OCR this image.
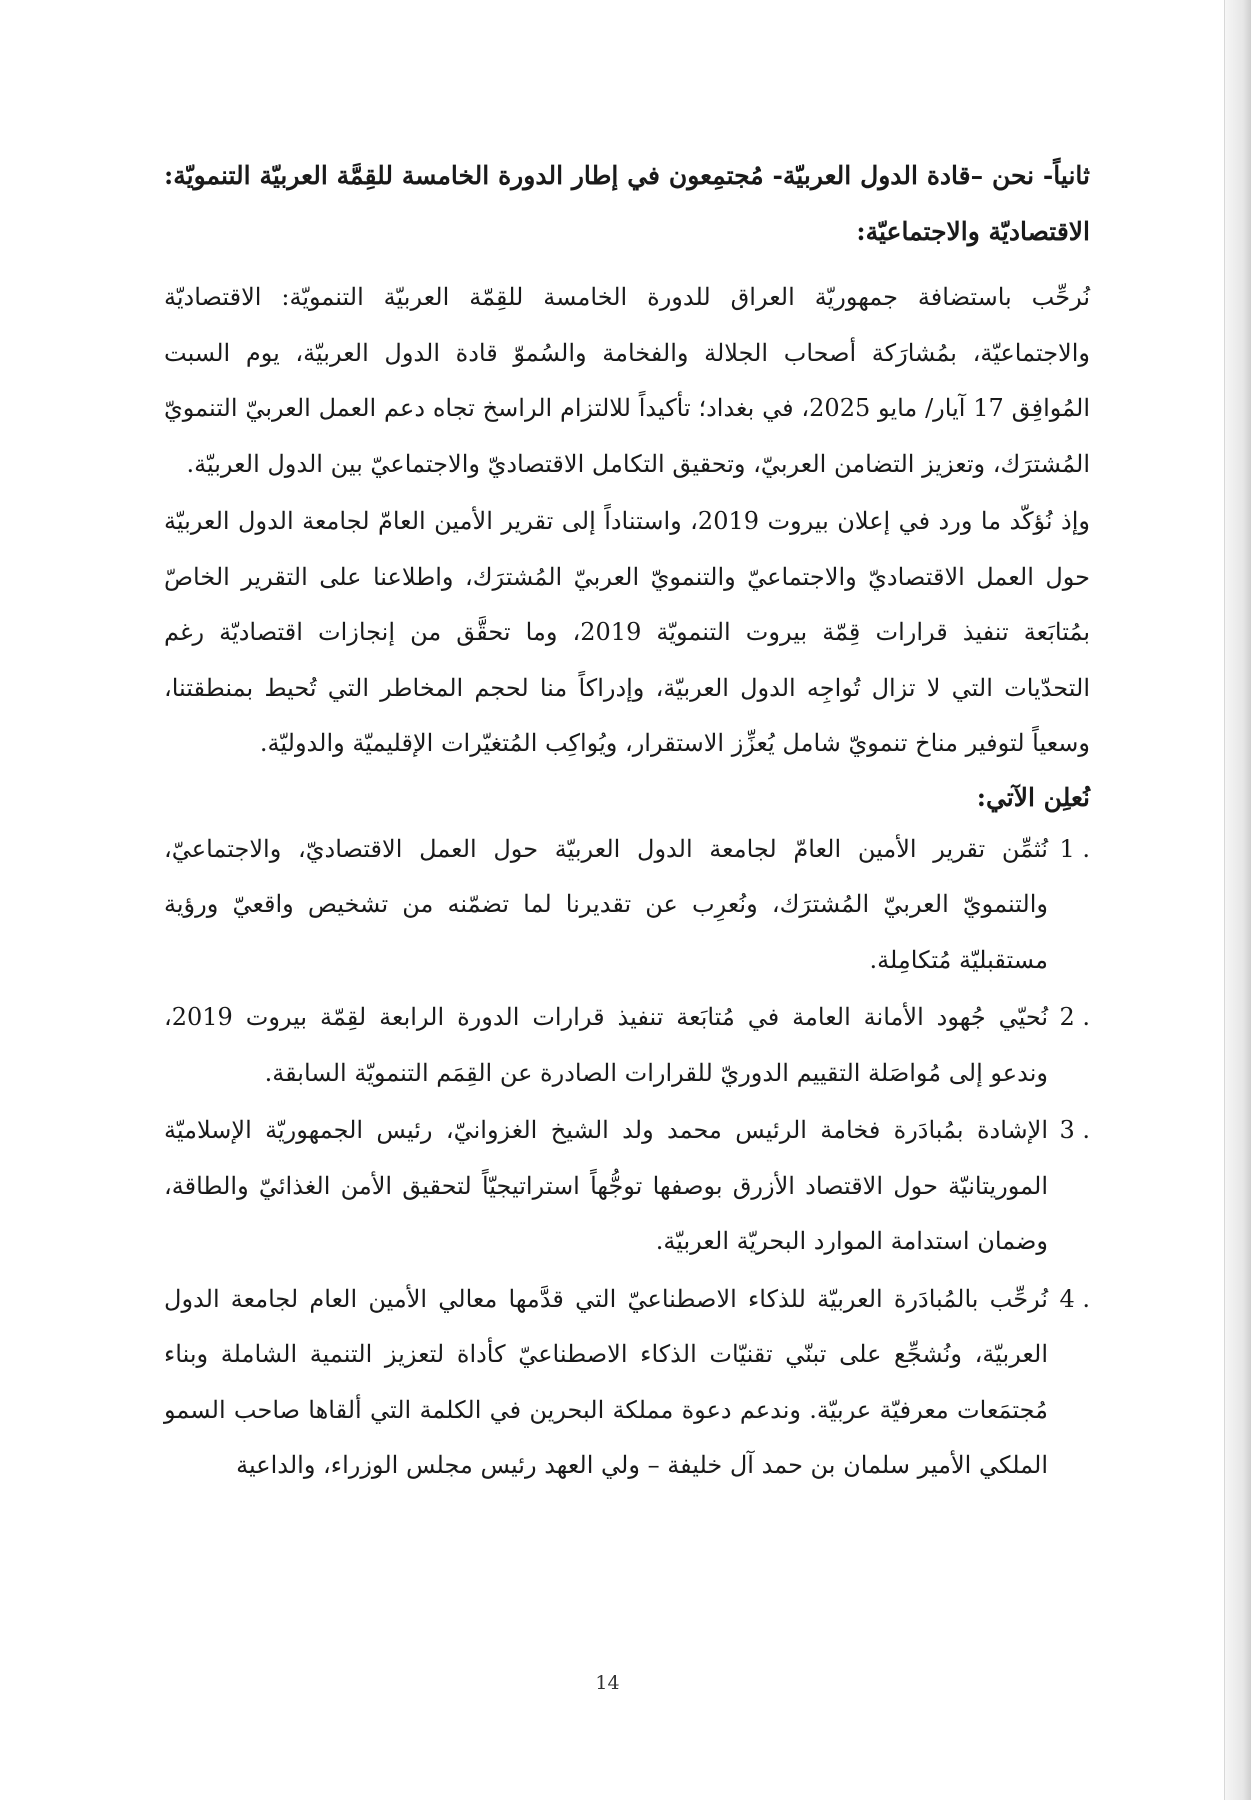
ثانياً- نحن –قادة الدول العربيّة- مُجتمِعون في إطار الدورة الخامسة للقِمَّة العربيّة التنمويّة: الاقتصاديّة والاجتماعيّة:

نُرحِّب باستضافة جمهوريّة العراق للدورة الخامسة للقِمّة العربيّة التنمويّة: الاقتصاديّة والاجتماعيّة، بمُشارَكة أصحاب الجلالة والفخامة والسُموّ قادة الدول العربيّة، يوم السبت المُوافِق 17 آيار/ مايو 2025، في بغداد؛ تأكيداً للالتزام الراسخ تجاه دعم العمل العربيّ التنمويّ المُشترَك، وتعزيز التضامن العربيّ، وتحقيق التكامل الاقتصاديّ والاجتماعيّ بين الدول العربيّة.

وإذ نُؤكّد ما ورد في إعلان بيروت 2019، واستناداً إلى تقرير الأمين العامّ لجامعة الدول العربيّة حول العمل الاقتصاديّ والاجتماعيّ والتنمويّ العربيّ المُشترَك، واطلاعنا على التقرير الخاصّ بمُتابَعة تنفيذ قرارات قِمّة بيروت التنمويّة 2019، وما تحقَّق من إنجازات اقتصاديّة رغم التحدّيات التي لا تزال تُواجِه الدول العربيّة، وإدراكاً منا لحجم المخاطر التي تُحيط بمنطقتنا، وسعياً لتوفير مناخ تنمويّ شامل يُعزِّز الاستقرار، ويُواكِب المُتغيّرات الإقليميّة والدوليّة.

نُعلِن الآتي:

1 .
نُثمِّن تقرير الأمين العامّ لجامعة الدول العربيّة حول العمل الاقتصاديّ، والاجتماعيّ، والتنمويّ العربيّ المُشترَك، ونُعرِب عن تقديرنا لما تضمّنه من تشخيص واقعيّ ورؤية مستقبليّة مُتكامِلة.
2 .
نُحيّي جُهود الأمانة العامة في مُتابَعة تنفيذ قرارات الدورة الرابعة لقِمّة بيروت 2019، وندعو إلى مُواصَلة التقييم الدوريّ للقرارات الصادرة عن القِمَم التنمويّة السابقة.
3 .
الإشادة بمُبادَرة فخامة الرئيس محمد ولد الشيخ الغزوانيّ، رئيس الجمهوريّة الإسلاميّة الموريتانيّة حول الاقتصاد الأزرق بوصفها توجُّهاً استراتيجيّاً لتحقيق الأمن الغذائيّ والطاقة، وضمان استدامة الموارد البحريّة العربيّة.
4 .
نُرحِّب بالمُبادَرة العربيّة للذكاء الاصطناعيّ التي قدَّمها معالي الأمين العام لجامعة الدول العربيّة، ونُشجِّع على تبنّي تقنيّات الذكاء الاصطناعيّ كأداة لتعزيز التنمية الشاملة وبناء مُجتمَعات معرفيّة عربيّة. وندعم دعوة مملكة البحرين في الكلمة التي ألقاها صاحب السمو الملكي الأمير سلمان بن حمد آل خليفة – ولي العهد رئيس مجلس الوزراء، والداعية
14
